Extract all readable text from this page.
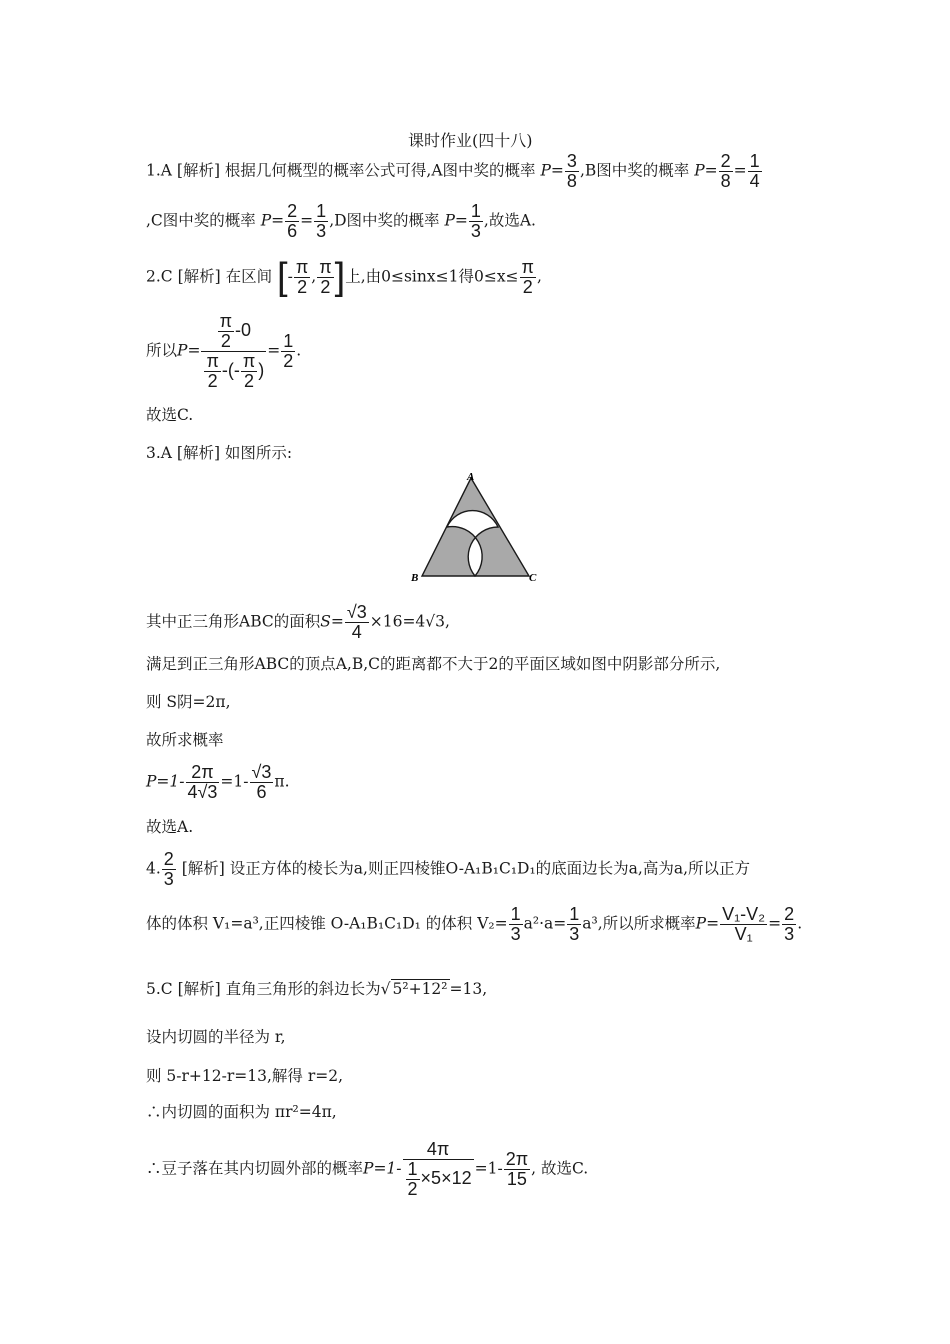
课时作业(四十八)
1.A [解析] 根据几何概型的概率公式可得,A图中奖的概率 $P= \frac{3}{8} ,B$图中奖的概率 $P= \frac{2}{8} = \frac{1}{4}$
,C图中奖的概率 $P= \frac{2}{6} = \frac{1}{3} ,D$图中奖的概率 $P= \frac{1}{3}$ ,故选A.
2.C [解析] 在区间 [- $\frac{\pi}{2}$ , $\frac{\pi}{2}$ ]上,由0≤sinx≤1得$0\le x\le \frac{\pi}{2}$ ,
所以$P= \frac{\frac{\pi}{2} -0}{\frac{\pi}{2} -(- \frac{\pi}{2} )} = \frac{1}{2}$ .
故选C.
3.A [解析] 如图所示:
A
B	C
其中正三角形ABC的面积$S= \frac{√3}{4} \times 16=4√3$,
满足到正三角形ABC的顶点A,B,C的距离都不大于2的平面区域如图中阴影部分所示,
则 S阴=2π,
故所求概率
$P=1- \frac{2\pi}{4√3} =1- \frac{√3}{6} \pi$.
故选A.
4. $\frac{2}{3}$ [解析] 设正方体的棱长为a,则正四棱锥O-A₁B₁C₁D₁的底面边长为a,高为a,所以正方
体的体积 V₁=a³,正四棱锥 O-A₁B₁C₁D₁ 的体积 $V_2= \frac{1}{3} a^2\cdot a= \frac{1}{3} a^3$,所以所求概率$P= \frac{\text{V₁-V₂}}{\text{V₁}} = \frac{2}{3}$ .
5.C [解析] 直角三角形的斜边长为√ 5²+12² =13,
设内切圆的半径为 r,
则 5-r+12-r=13,解得 r=2,
∴内切圆的面积为 πr²=4π,
∴豆子落在其内切圆外部的概率$P=1- \frac{4\pi}{\frac{1}{2} \times 5\times 12} =1- \frac{2\pi}{15}$ , 故选C.
